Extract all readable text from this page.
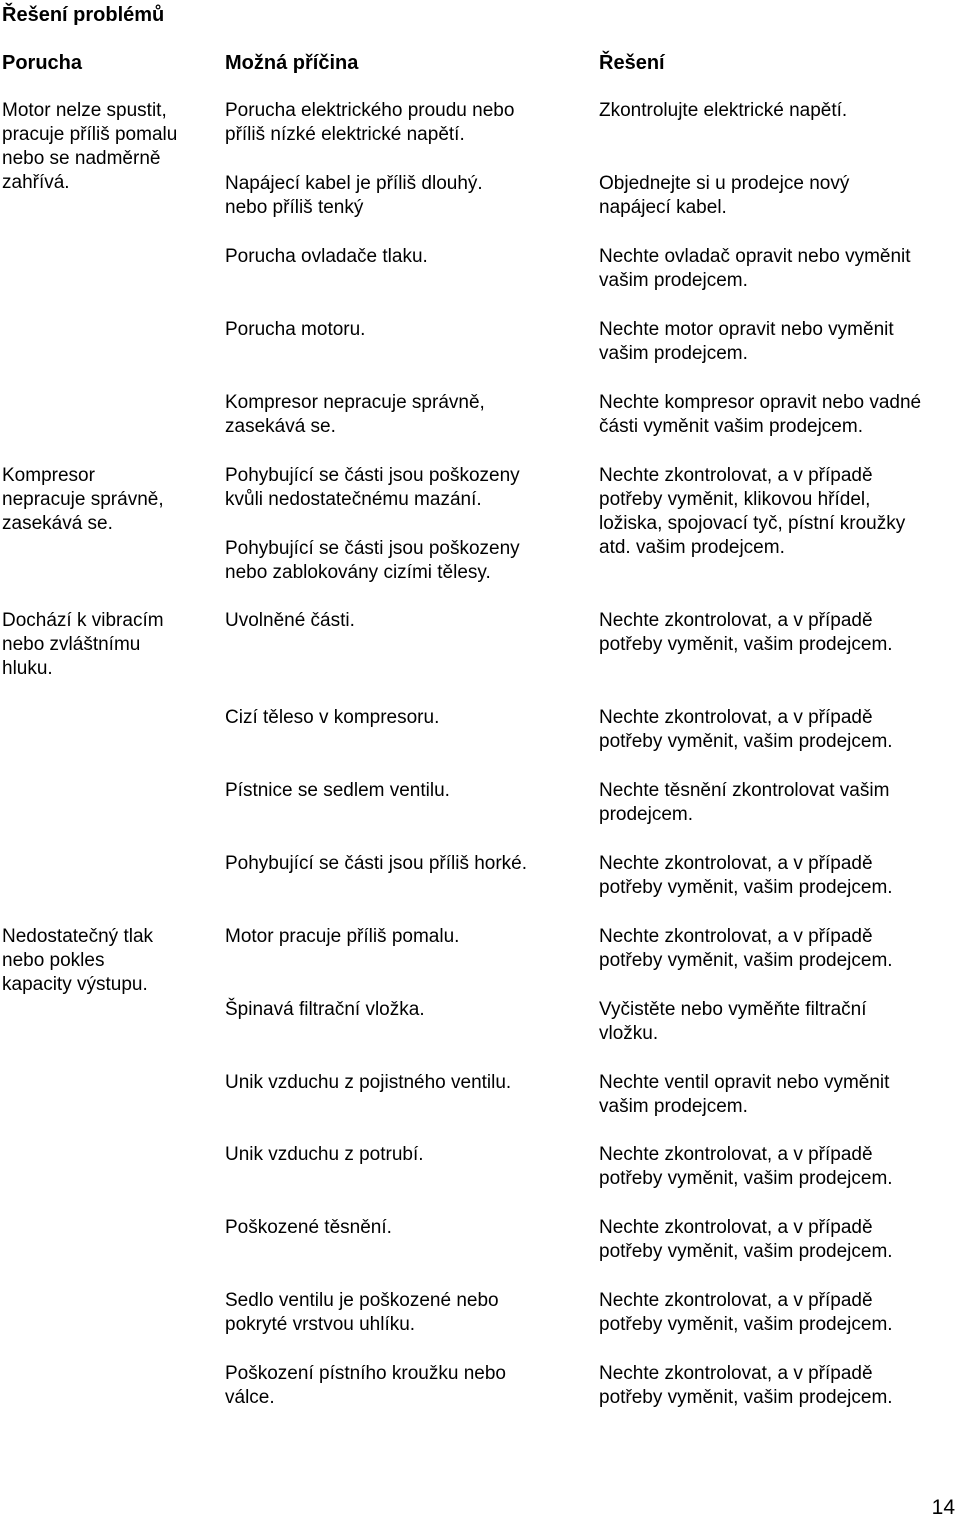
Řešení problémů
Porucha	Možná příčina	Řešení
Motor nelze spustit,
pracuje příliš pomalu
nebo se nadměrně
zahřívá.
Kompresor
nepracuje správně,
zasekává se.
Dochází k vibracím
nebo zvláštnímu
hluku.
Nedostatečný tlak
nebo pokles
kapacity výstupu.
Porucha elektrického proudu nebo
příliš nízké elektrické napětí.
Napájecí kabel je příliš dlouhý.
nebo příliš tenký
Porucha ovladače tlaku.
Porucha motoru.
Kompresor nepracuje správně,
zasekává se.
Pohybující se části jsou poškozeny
kvůli nedostatečnému mazání.
Pohybující se části jsou poškozeny
nebo zablokovány cizími tělesy.
Uvolněné části.
Cizí těleso v kompresoru.
Pístnice se sedlem ventilu.
Pohybující se části jsou příliš horké.
Motor pracuje příliš pomalu.
Špinavá filtrační vložka.
Unik vzduchu z pojistného ventilu.
Unik vzduchu z potrubí.
Poškozené těsnění.
Sedlo ventilu je poškozené nebo
pokryté vrstvou uhlíku.
Poškození pístního kroužku nebo
válce.
Zkontrolujte elektrické napětí.
Objednejte si u prodejce nový
napájecí kabel.
Nechte ovladač opravit nebo vyměnit
vašim prodejcem.
Nechte motor opravit nebo vyměnit
vašim prodejcem.
Nechte kompresor opravit nebo vadné
části vyměnit vašim prodejcem.
Nechte zkontrolovat, a v případě
potřeby vyměnit, klikovou hřídel,
ložiska, spojovací tyč, pístní kroužky
atd. vašim prodejcem.
Nechte zkontrolovat, a v případě
potřeby vyměnit, vašim prodejcem.
Nechte zkontrolovat, a v případě
potřeby vyměnit, vašim prodejcem.
Nechte těsnění zkontrolovat vašim
prodejcem.
Nechte zkontrolovat, a v případě
potřeby vyměnit, vašim prodejcem.
Nechte zkontrolovat, a v případě
potřeby vyměnit, vašim prodejcem.
Vyčistěte nebo vyměňte filtrační
vložku.
Nechte ventil opravit nebo vyměnit
vašim prodejcem.
Nechte zkontrolovat, a v případě
potřeby vyměnit, vašim prodejcem.
Nechte zkontrolovat, a v případě
potřeby vyměnit, vašim prodejcem.
Nechte zkontrolovat, a v případě
potřeby vyměnit, vašim prodejcem.
Nechte zkontrolovat, a v případě
potřeby vyměnit, vašim prodejcem.
14
